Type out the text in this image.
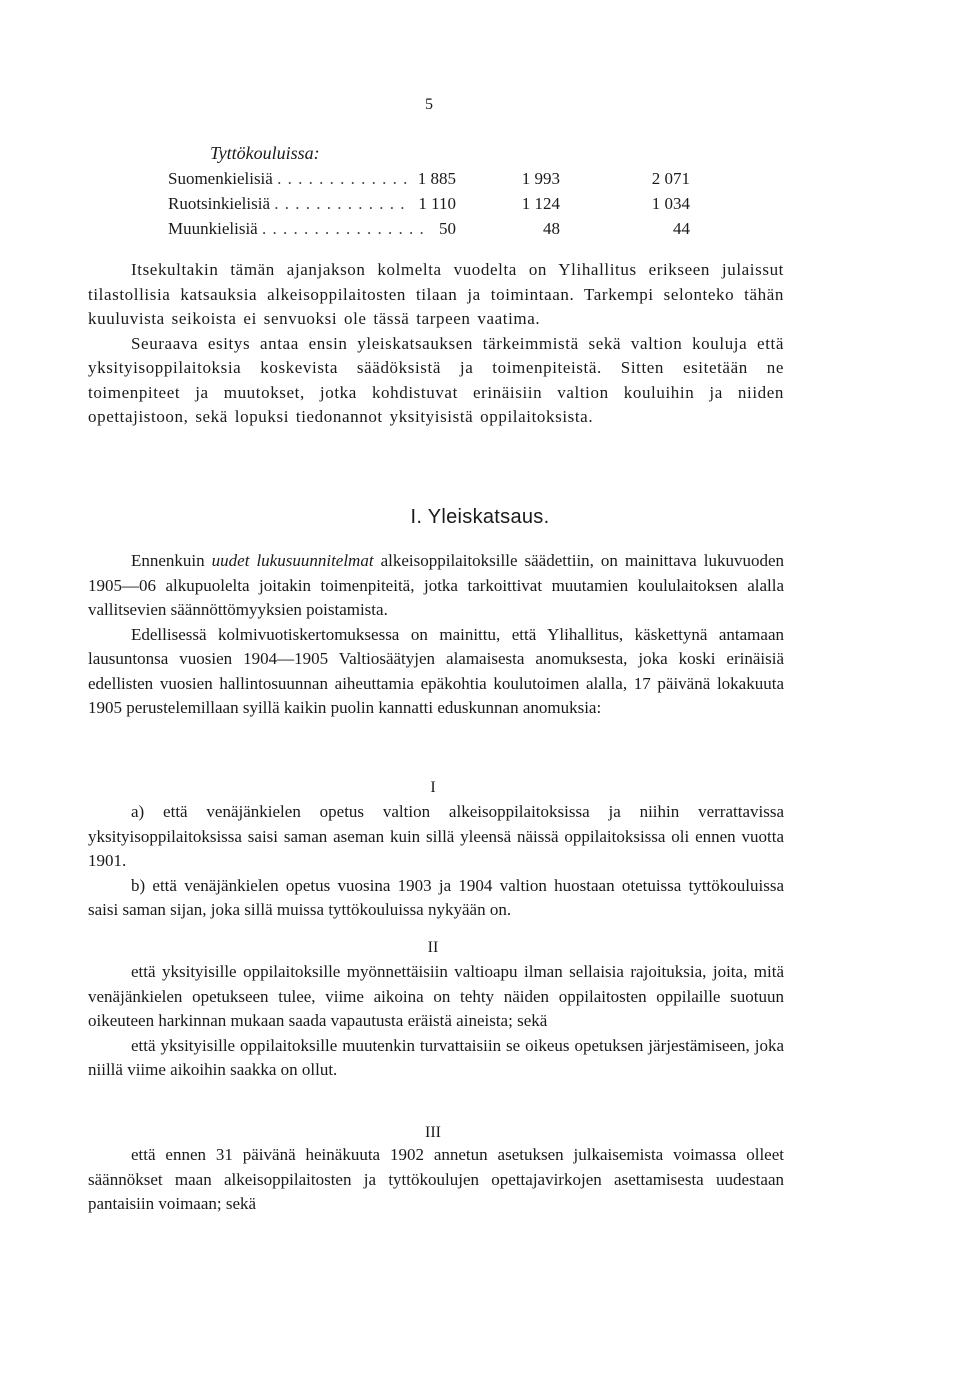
5
Tyttökouluissa:
Suomenkielisiä . . . . . . . . . . . . . 1 885	1 993	2 071
Ruotsinkielisiä . . . . . . . . . . . . . 1 110	1 124	1 034
Muunkielisiä . . . . . . . . . . . . . . . . 50	48	44

Itsekultakin tämän ajanjakson kolmelta vuodelta on Ylihallitus erikseen julaissut tilastollisia katsauksia alkeisoppilaitosten tilaan ja toimintaan. Tarkempi selonteko tähän kuuluvista seikoista ei senvuoksi ole tässä tarpeen vaatima.

Seuraava esitys antaa ensin yleiskatsauksen tärkeimmistä sekä valtion kouluja että yksityisoppilaitoksia koskevista säädöksistä ja toimenpiteistä. Sitten esitetään ne toimenpiteet ja muutokset, jotka kohdistuvat erinäisiin valtion kouluihin ja niiden opettajistoon, sekä lopuksi tiedonannot yksityisistä oppilaitoksista.

I. Yleiskatsaus.

Ennenkuin uudet lukusuunnitelmat alkeisoppilaitoksille säädettiin, on mainittava lukuvuoden 1905—06 alkupuolelta joitakin toimenpiteitä, jotka tarkoittivat muutamien koululaitoksen alalla vallitsevien säännöttömyyksien poistamista.

Edellisessä kolmivuotiskertomuksessa on mainittu, että Ylihallitus, käskettynä antamaan lausuntonsa vuosien 1904—1905 Valtiosäätyjen alamaisesta anomuksesta, joka koski erinäisiä edellisten vuosien hallintosuunnan aiheuttamia epäkohtia koulutoimen alalla, 17 päivänä lokakuuta 1905 perustelemillaan syillä kaikin puolin kannatti eduskunnan anomuksia:

I

a) että venäjänkielen opetus valtion alkeisoppilaitoksissa ja niihin verrattavissa yksityisoppilaitoksissa saisi saman aseman kuin sillä yleensä näissä oppilaitoksissa oli ennen vuotta 1901.

b) että venäjänkielen opetus vuosina 1903 ja 1904 valtion huostaan otetuissa tyttökouluissa saisi saman sijan, joka sillä muissa tyttökouluissa nykyään on.

II

että yksityisille oppilaitoksille myönnettäisiin valtioapu ilman sellaisia rajoituksia, joita, mitä venäjänkielen opetukseen tulee, viime aikoina on tehty näiden oppilaitosten oppilaille suotuun oikeuteen harkinnan mukaan saada vapautusta eräistä aineista; sekä

että yksityisille oppilaitoksille muutenkin turvattaisiin se oikeus opetuksen järjestämiseen, joka niillä viime aikoihin saakka on ollut.

III

että ennen 31 päivänä heinäkuuta 1902 annetun asetuksen julkaisemista voimassa olleet säännökset maan alkeisoppilaitosten ja tyttökoulujen opettajavirkojen asettamisesta uudestaan pantaisiin voimaan; sekä
